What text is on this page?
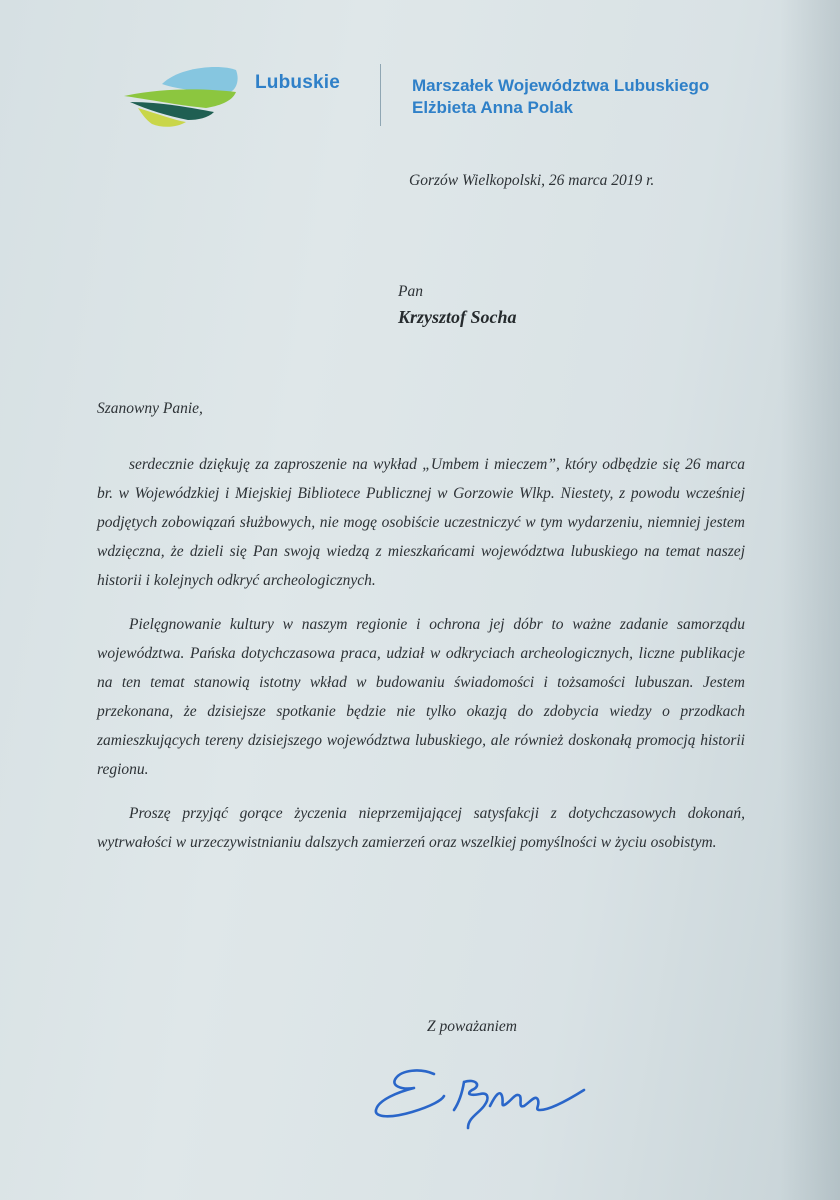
Lubuskie	Marszałek Województwa Lubuskiego
Elżbieta Anna Polak
Gorzów Wielkopolski, 26 marca 2019 r.
Pan
Krzysztof Socha
Szanowny Panie,

serdecznie dziękuję za zaproszenie na wykład „Umbem i mieczem”, który odbędzie się 26 marca br. w Wojewódzkiej i Miejskiej Bibliotece Publicznej w Gorzowie Wlkp. Niestety, z powodu wcześniej podjętych zobowiązań służbowych, nie mogę osobiście uczestniczyć w tym wydarzeniu, niemniej jestem wdzięczna, że dzieli się Pan swoją wiedzą z mieszkańcami województwa lubuskiego na temat naszej historii i kolejnych odkryć archeologicznych.

Pielęgnowanie kultury w naszym regionie i ochrona jej dóbr to ważne zadanie samorządu województwa. Pańska dotychczasowa praca, udział w odkryciach archeologicznych, liczne publikacje na ten temat stanowią istotny wkład w budowaniu świadomości i tożsamości lubuszan. Jestem przekonana, że dzisiejsze spotkanie będzie nie tylko okazją do zdobycia wiedzy o przodkach zamieszkujących tereny dzisiejszego województwa lubuskiego, ale również doskonałą promocją historii regionu.

Proszę przyjąć gorące życzenia nieprzemijającej satysfakcji z dotychczasowych dokonań, wytrwałości w urzeczywistnianiu dalszych zamierzeń oraz wszelkiej pomyślności w życiu osobistym.

Z poważaniem
